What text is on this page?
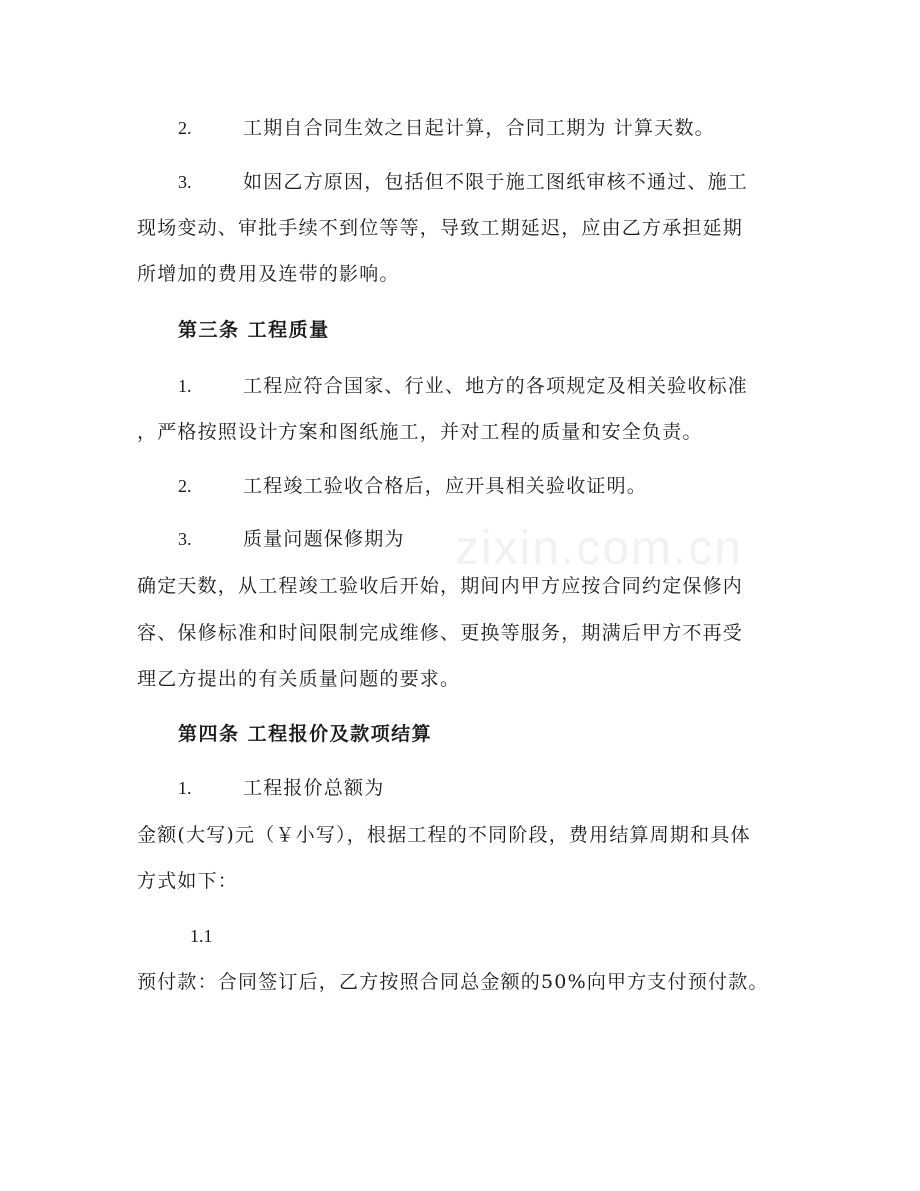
zixin.com.cn
2.	工期自合同生效之日起计算，合同工期为 计算天数。
3.	如因乙方原因，包括但不限于施工图纸审核不通过、施工
现场变动、审批手续不到位等等，导致工期延迟，应由乙方承担延期
所增加的费用及连带的影响。
第三条 工程质量
1.	工程应符合国家、行业、地方的各项规定及相关验收标准
，严格按照设计方案和图纸施工，并对工程的质量和安全负责。
2.	工程竣工验收合格后，应开具相关验收证明。
3.	质量问题保修期为
确定天数，从工程竣工验收后开始，期间内甲方应按合同约定保修内
容、保修标准和时间限制完成维修、更换等服务，期满后甲方不再受
理乙方提出的有关质量问题的要求。
第四条 工程报价及款项结算
1.	工程报价总额为
金额(大写)元（￥小写），根据工程的不同阶段，费用结算周期和具体
方式如下：
1.1
预付款：合同签订后，乙方按照合同总金额的50%向甲方支付预付款。
